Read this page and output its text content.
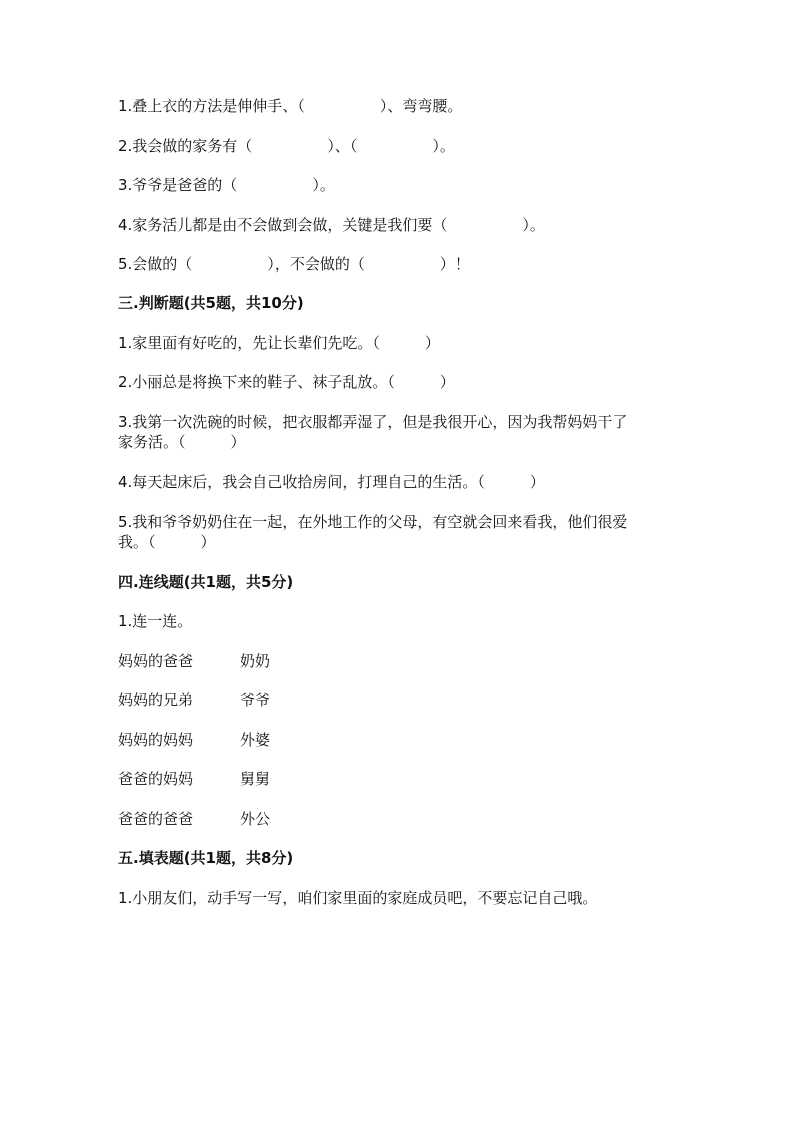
1.叠上衣的方法是伸伸手、（　　　　　）、弯弯腰。
2.我会做的家务有（　　　　　）、（　　　　　）。
3.爷爷是爸爸的（　　　　　）。
4.家务活儿都是由不会做到会做，关键是我们要（　　　　　）。
5.会做的（　　　　　），不会做的（　　　　　）！
三.判断题(共5题，共10分)
1.家里面有好吃的，先让长辈们先吃。（　　　）
2.小丽总是将换下来的鞋子、袜子乱放。（　　　）
3.我第一次洗碗的时候，把衣服都弄湿了，但是我很开心，因为我帮妈妈干了
家务活。（　　　）
4.每天起床后，我会自己收拾房间，打理自己的生活。（　　　）
5.我和爷爷奶奶住在一起，在外地工作的父母，有空就会回来看我，他们很爱
我。（　　　）
四.连线题(共1题，共5分)
1.连一连。
妈妈的爸爸	奶奶
妈妈的兄弟	爷爷
妈妈的妈妈	外婆
爸爸的妈妈	舅舅
爸爸的爸爸	外公
五.填表题(共1题，共8分)
1.小朋友们，动手写一写，咱们家里面的家庭成员吧，不要忘记自己哦。
